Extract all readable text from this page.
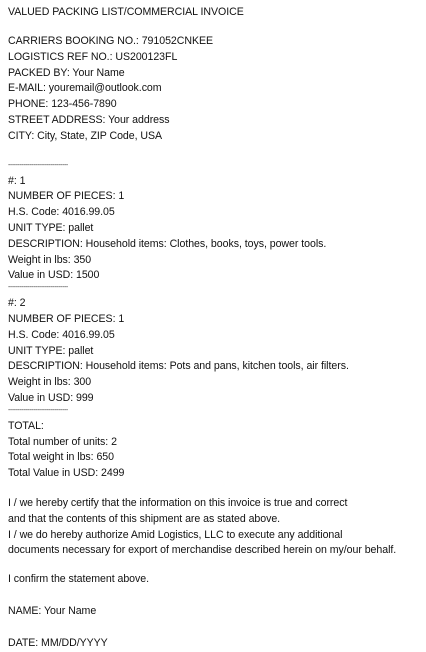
VALUED PACKING LIST/COMMERCIAL INVOICE
CARRIERS BOOKING NO.: 791052CNKEE
LOGISTICS REF NO.: US200123FL
PACKED BY: Your Name
E-MAIL: youremail@outlook.com
PHONE: 123-456-7890
STREET ADDRESS: Your address
CITY: City, State, ZIP Code, USA
-------------------------------
#: 1
NUMBER OF PIECES: 1
H.S. Code: 4016.99.05
UNIT TYPE: pallet
DESCRIPTION: Household items: Clothes, books, toys, power tools.
Weight in lbs: 350
Value in USD: 1500
-------------------------------
#: 2
NUMBER OF PIECES: 1
H.S. Code: 4016.99.05
UNIT TYPE: pallet
DESCRIPTION: Household items: Pots and pans, kitchen tools, air filters.
Weight in lbs: 300
Value in USD: 999
-------------------------------
TOTAL:
Total number of units: 2
Total weight in lbs: 650
Total Value in USD: 2499
I / we hereby certify that the information on this invoice is true and correct
and that the contents of this shipment are as stated above.
I / we do hereby authorize Amid Logistics, LLC to execute any additional
documents necessary for export of merchandise described herein on my/our behalf.
I confirm the statement above.
NAME: Your Name
DATE: MM/DD/YYYY
